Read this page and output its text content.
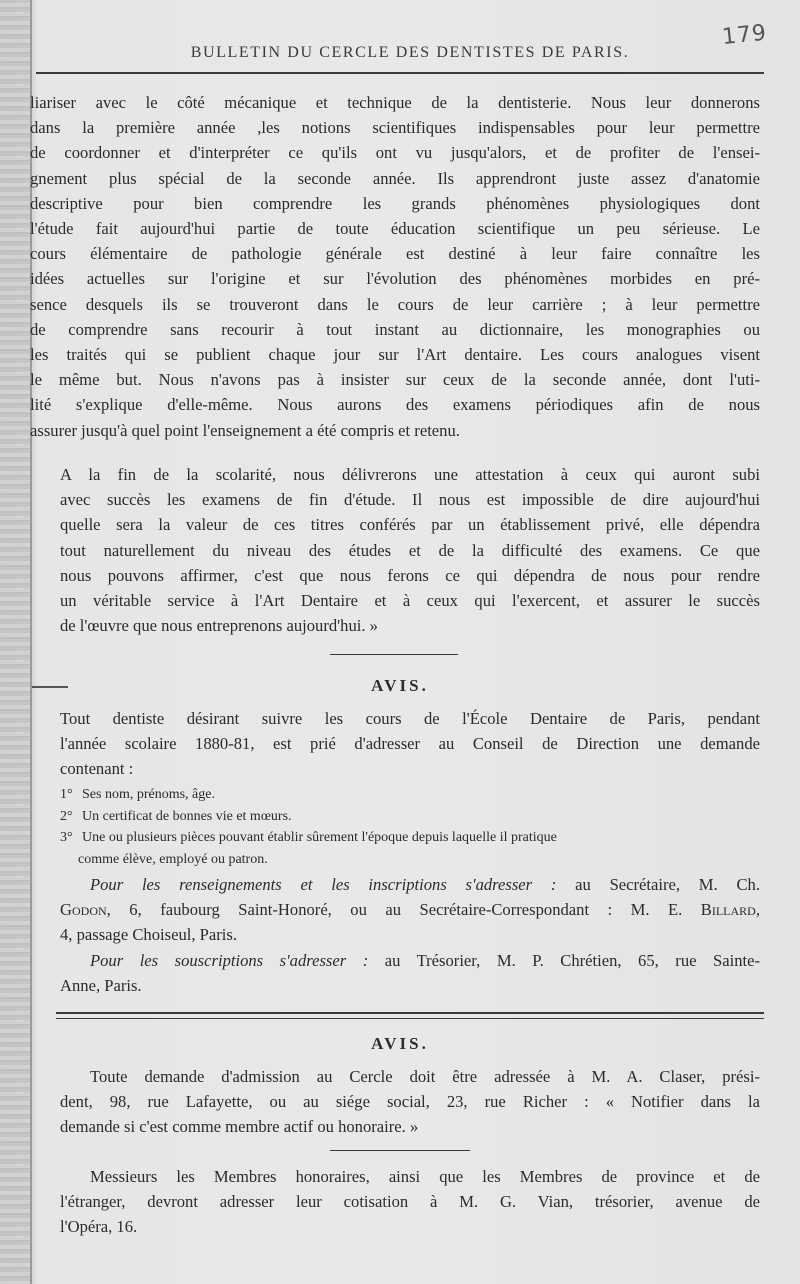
179
BULLETIN DU CERCLE DES DENTISTES DE PARIS.
liariser avec le côté mécanique et technique de la dentisterie. Nous leur donnerons
dans la première année ,les notions scientifiques indispensables pour leur permettre
de coordonner et d'interpréter ce qu'ils ont vu jusqu'alors, et de profiter de l'ensei-
gnement plus spécial de la seconde année. Ils apprendront juste assez d'anatomie
descriptive pour bien comprendre les grands phénomènes physiologiques dont
l'étude fait aujourd'hui partie de toute éducation scientifique un peu sérieuse. Le
cours élémentaire de pathologie générale est destiné à leur faire connaître les
idées actuelles sur l'origine et sur l'évolution des phénomènes morbides en pré-
sence desquels ils se trouveront dans le cours de leur carrière ; à leur permettre
de comprendre sans recourir à tout instant au dictionnaire, les monographies ou
les traités qui se publient chaque jour sur l'Art dentaire. Les cours analogues visent
le même but. Nous n'avons pas à insister sur ceux de la seconde année, dont l'uti-
lité s'explique d'elle-même. Nous aurons des examens périodiques afin de nous
assurer jusqu'à quel point l'enseignement a été compris et retenu.
A la fin de la scolarité, nous délivrerons une attestation à ceux qui auront subi
avec succès les examens de fin d'étude. Il nous est impossible de dire aujourd'hui
quelle sera la valeur de ces titres conférés par un établissement privé, elle dépendra
tout naturellement du niveau des études et de la difficulté des examens. Ce que
nous pouvons affirmer, c'est que nous ferons ce qui dépendra de nous pour rendre
un véritable service à l'Art Dentaire et à ceux qui l'exercent, et assurer le succès
de l'œuvre que nous entreprenons aujourd'hui. »
AVIS.
Tout dentiste désirant suivre les cours de l'École Dentaire de Paris, pendant
l'année scolaire 1880-81, est prié d'adresser au Conseil de Direction une demande
contenant :
1° Ses nom, prénoms, âge.
2° Un certificat de bonnes vie et mœurs.
3° Une ou plusieurs pièces pouvant établir sûrement l'époque depuis laquelle il pratique
comme élève, employé ou patron.
Pour les renseignements et les inscriptions s'adresser : au Secrétaire, M. Ch.
Godon, 6, faubourg Saint-Honoré, ou au Secrétaire-Correspondant : M. E. Billard,
4, passage Choiseul, Paris.
Pour les souscriptions s'adresser : au Trésorier, M. P. Chrétien, 65, rue Sainte-
Anne, Paris.
AVIS.
Toute demande d'admission au Cercle doit être adressée à M. A. Claser, prési-
dent, 98, rue Lafayette, ou au siége social, 23, rue Richer : « Notifier dans la
demande si c'est comme membre actif ou honoraire. »
Messieurs les Membres honoraires, ainsi que les Membres de province et de
l'étranger, devront adresser leur cotisation à M. G. Vian, trésorier, avenue de
l'Opéra, 16.
